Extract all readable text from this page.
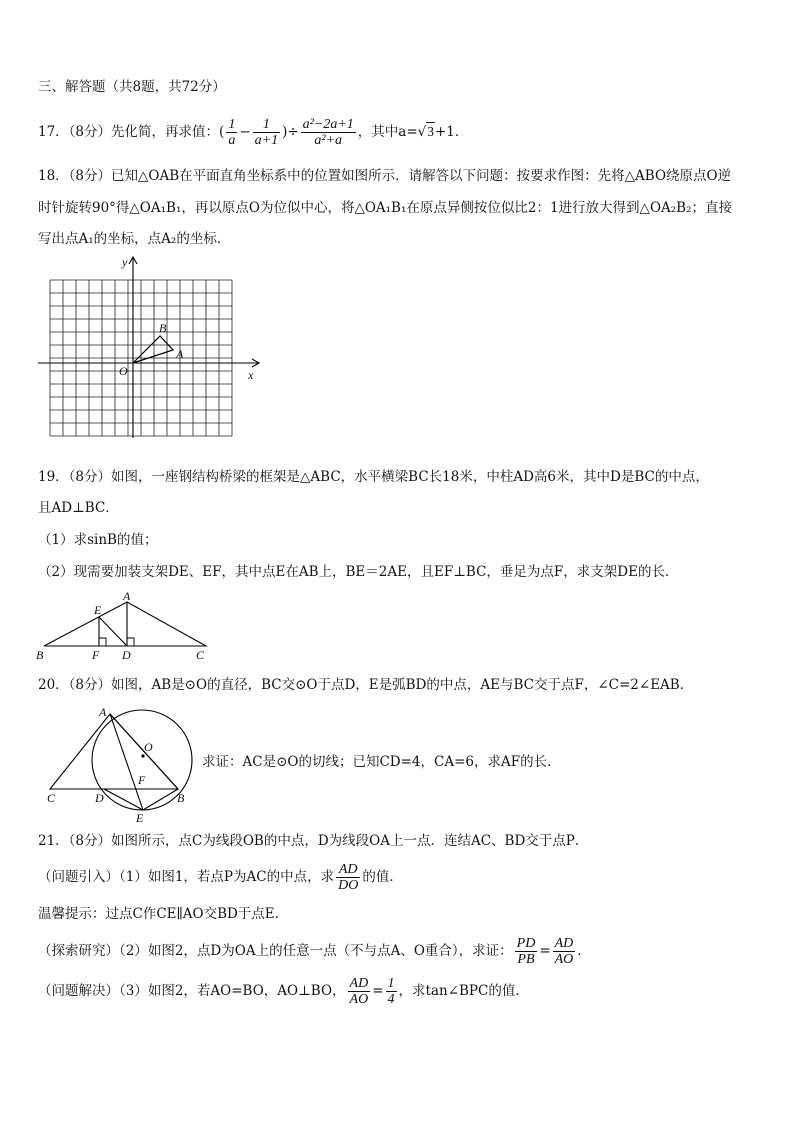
三、解答题（共8题，共72分）
17．（8分）先化简，再求值：( $\frac{1}{a} - \frac{1}{a+1}$ )÷ $\frac{\text{a²−2a+1}}{\text{a²+a}}$ ，其中a=√3+1．
18．（8分）已知△OAB在平面直角坐标系中的位置如图所示．请解答以下问题：按要求作图：先将△ABO绕原点O逆
时针旋转90°得△OA₁B₁，再以原点O为位似中心，将△OA₁B₁在原点异侧按位似比2：1进行放大得到△OA₂B₂；直接
写出点A₁的坐标，点A₂的坐标．
y
x
O
A
B
19．（8分）如图，一座钢结构桥梁的框架是△ABC，水平横梁BC长18米，中柱AD高6米，其中D是BC的中点，
且AD⊥BC．
（1）求sinB的值；
（2）现需要加装支架DE、EF，其中点E在AB上，BE＝2AE，且EF⊥BC，垂足为点F，求支架DE的长．
A
B	C
D
E
F
20．（8分）如图，AB是⊙O的直径，BC交⊙O于点D，E是弧BD的中点，AE与BC交于点F，∠C=2∠EAB．
A
O
F
C	D	B
E
求证：AC是⊙O的切线；已知CD=4，CA=6，求AF的长．
21．（8分）如图所示，点C为线段OB的中点，D为线段OA上一点．连结AC、BD交于点P．
（问题引入）（1）如图1，若点P为AC的中点，求 $\frac{AD}{DO}$ 的值．
温馨提示：过点C作CE∥AO交BD于点E．
（探索研究）（2）如图2，点D为OA上的任意一点（不与点A、O重合），求证： $\frac{PD}{PB} = \frac{AD}{AO}$ ．
（问题解决）（3）如图2，若AO=BO，AO⊥BO， $\frac{AD}{AO} = \frac{1}{4}$ ，求tan∠BPC的值．
